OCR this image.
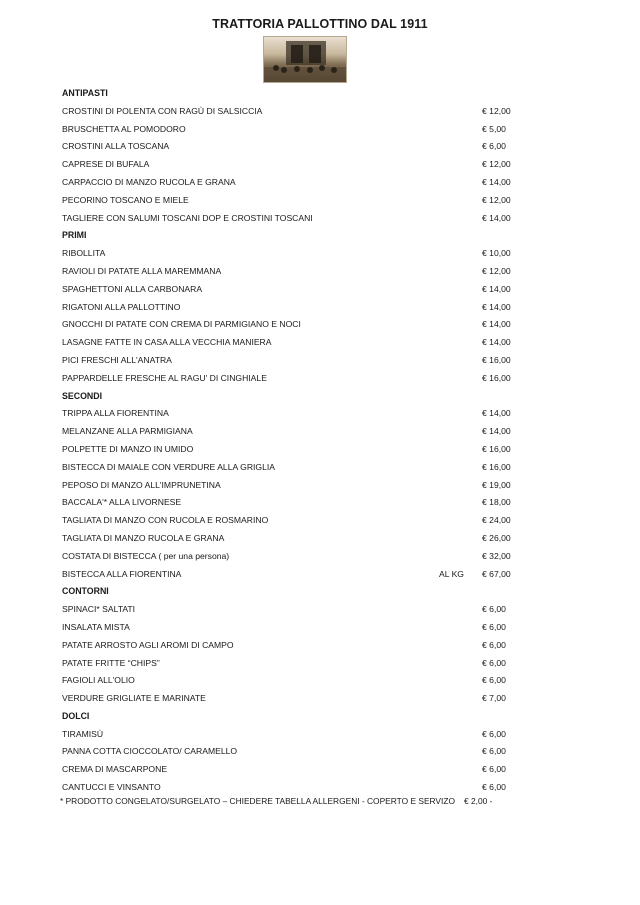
TRATTORIA PALLOTTINO DAL 1911
ANTIPASTI
CROSTINI DI POLENTA CON RAGÙ DI SALSICCIA	€ 12,00
BRUSCHETTA AL POMODORO	€ 5,00
CROSTINI ALLA TOSCANA	€ 6,00
CAPRESE DI BUFALA	€ 12,00
CARPACCIO DI MANZO RUCOLA E GRANA	€ 14,00
PECORINO TOSCANO E MIELE	€ 12,00
TAGLIERE CON SALUMI TOSCANI DOP E CROSTINI TOSCANI	€ 14,00
PRIMI
RIBOLLITA	€ 10,00
RAVIOLI DI PATATE ALLA MAREMMANA	€ 12,00
SPAGHETTONI ALLA CARBONARA	€ 14,00
RIGATONI ALLA PALLOTTINO	€ 14,00
GNOCCHI DI PATATE CON CREMA DI PARMIGIANO E NOCI	€ 14,00
LASAGNE FATTE IN CASA ALLA VECCHIA MANIERA	€ 14,00
PICI FRESCHI ALL'ANATRA	€ 16,00
PAPPARDELLE FRESCHE AL RAGU' DI CINGHIALE	€ 16,00
SECONDI
TRIPPA ALLA FIORENTINA	€ 14,00
MELANZANE ALLA PARMIGIANA	€ 14,00
POLPETTE DI MANZO IN UMIDO	€ 16,00
BISTECCA DI MAIALE CON VERDURE ALLA GRIGLIA	€ 16,00
PEPOSO DI MANZO ALL'IMPRUNETINA	€ 19,00
BACCALA'* ALLA LIVORNESE	€ 18,00
TAGLIATA DI MANZO CON RUCOLA E ROSMARINO	€ 24,00
TAGLIATA DI MANZO RUCOLA E GRANA	€ 26,00
COSTATA DI BISTECCA ( per una persona)	€ 32,00
BISTECCA ALLA FIORENTINA	AL KG € 67,00
CONTORNI
SPINACI* SALTATI	€ 6,00
INSALATA MISTA	€ 6,00
PATATE ARROSTO AGLI AROMI DI CAMPO	€ 6,00
PATATE FRITTE “CHIPS”	€ 6,00
FAGIOLI ALL'OLIO	€ 6,00
VERDURE GRIGLIATE E MARINATE	€ 7,00
DOLCI
TIRAMISÙ	€ 6,00
PANNA COTTA CIOCCOLATO/ CARAMELLO	€ 6,00
CREMA DI MASCARPONE	€ 6,00
CANTUCCI E VINSANTO	€ 6,00
* PRODOTTO CONGELATO/SURGELATO – CHIEDERE TABELLA ALLERGENI - COPERTO E SERVIZO € 2,00 -
